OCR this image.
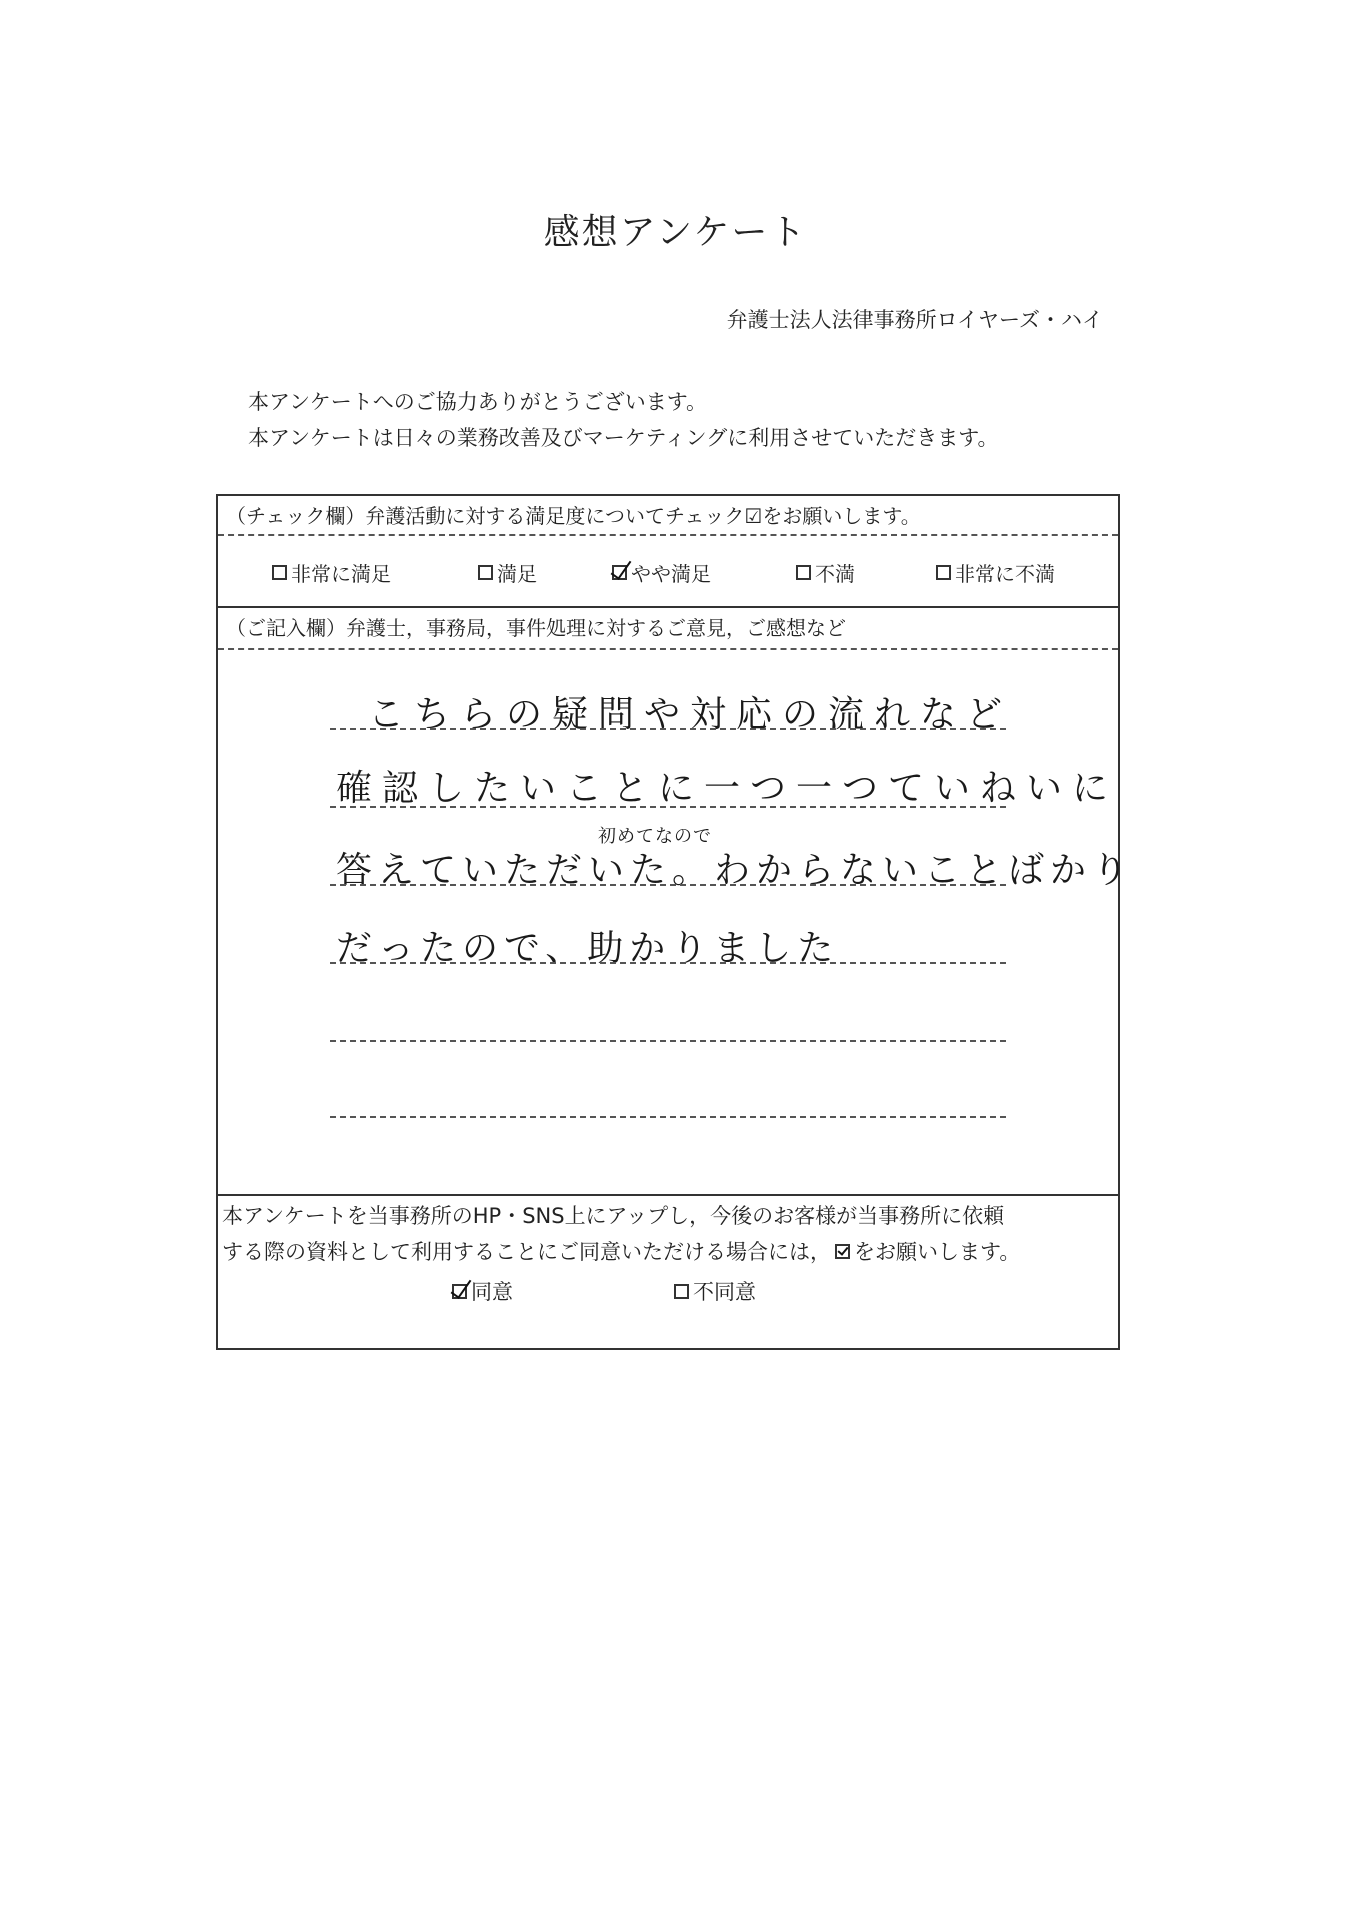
感想アンケート
弁護士法人法律事務所ロイヤーズ・ハイ
本アンケートへのご協力ありがとうございます。
本アンケートは日々の業務改善及びマーケティングに利用させていただきます。
（チェック欄）弁護活動に対する満足度についてチェック☑をお願いします。
非常に満足	満足	やや満足	不満	非常に不満
（ご記入欄）弁護士，事務局，事件処理に対するご意見，ご感想など
こちらの疑問や対応の流れなど
確認したいことに一つ一つていねいに
初めてなので
答えていただいた。わからないことばかり
だったので、助かりました
本アンケートを当事務所のHP・SNS上にアップし，今後のお客様が当事務所に依頼
する際の資料として利用することにご同意いただける場合には， をお願いします。
同意	不同意
